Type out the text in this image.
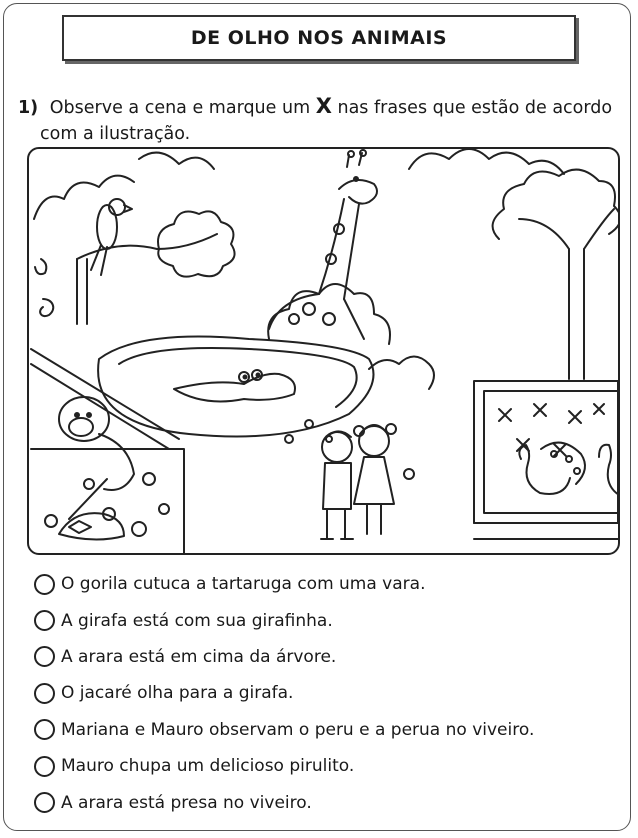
DE OLHO NOS ANIMAIS
1) Observe a cena e marque um X nas frases que estão de acordo
com a ilustração.
O gorila cutuca a tartaruga com uma vara.
A girafa está com sua girafinha.
A arara está em cima da árvore.
O jacaré olha para a girafa.
Mariana e Mauro observam o peru e a perua no viveiro.
Mauro chupa um delicioso pirulito.
A arara está presa no viveiro.
